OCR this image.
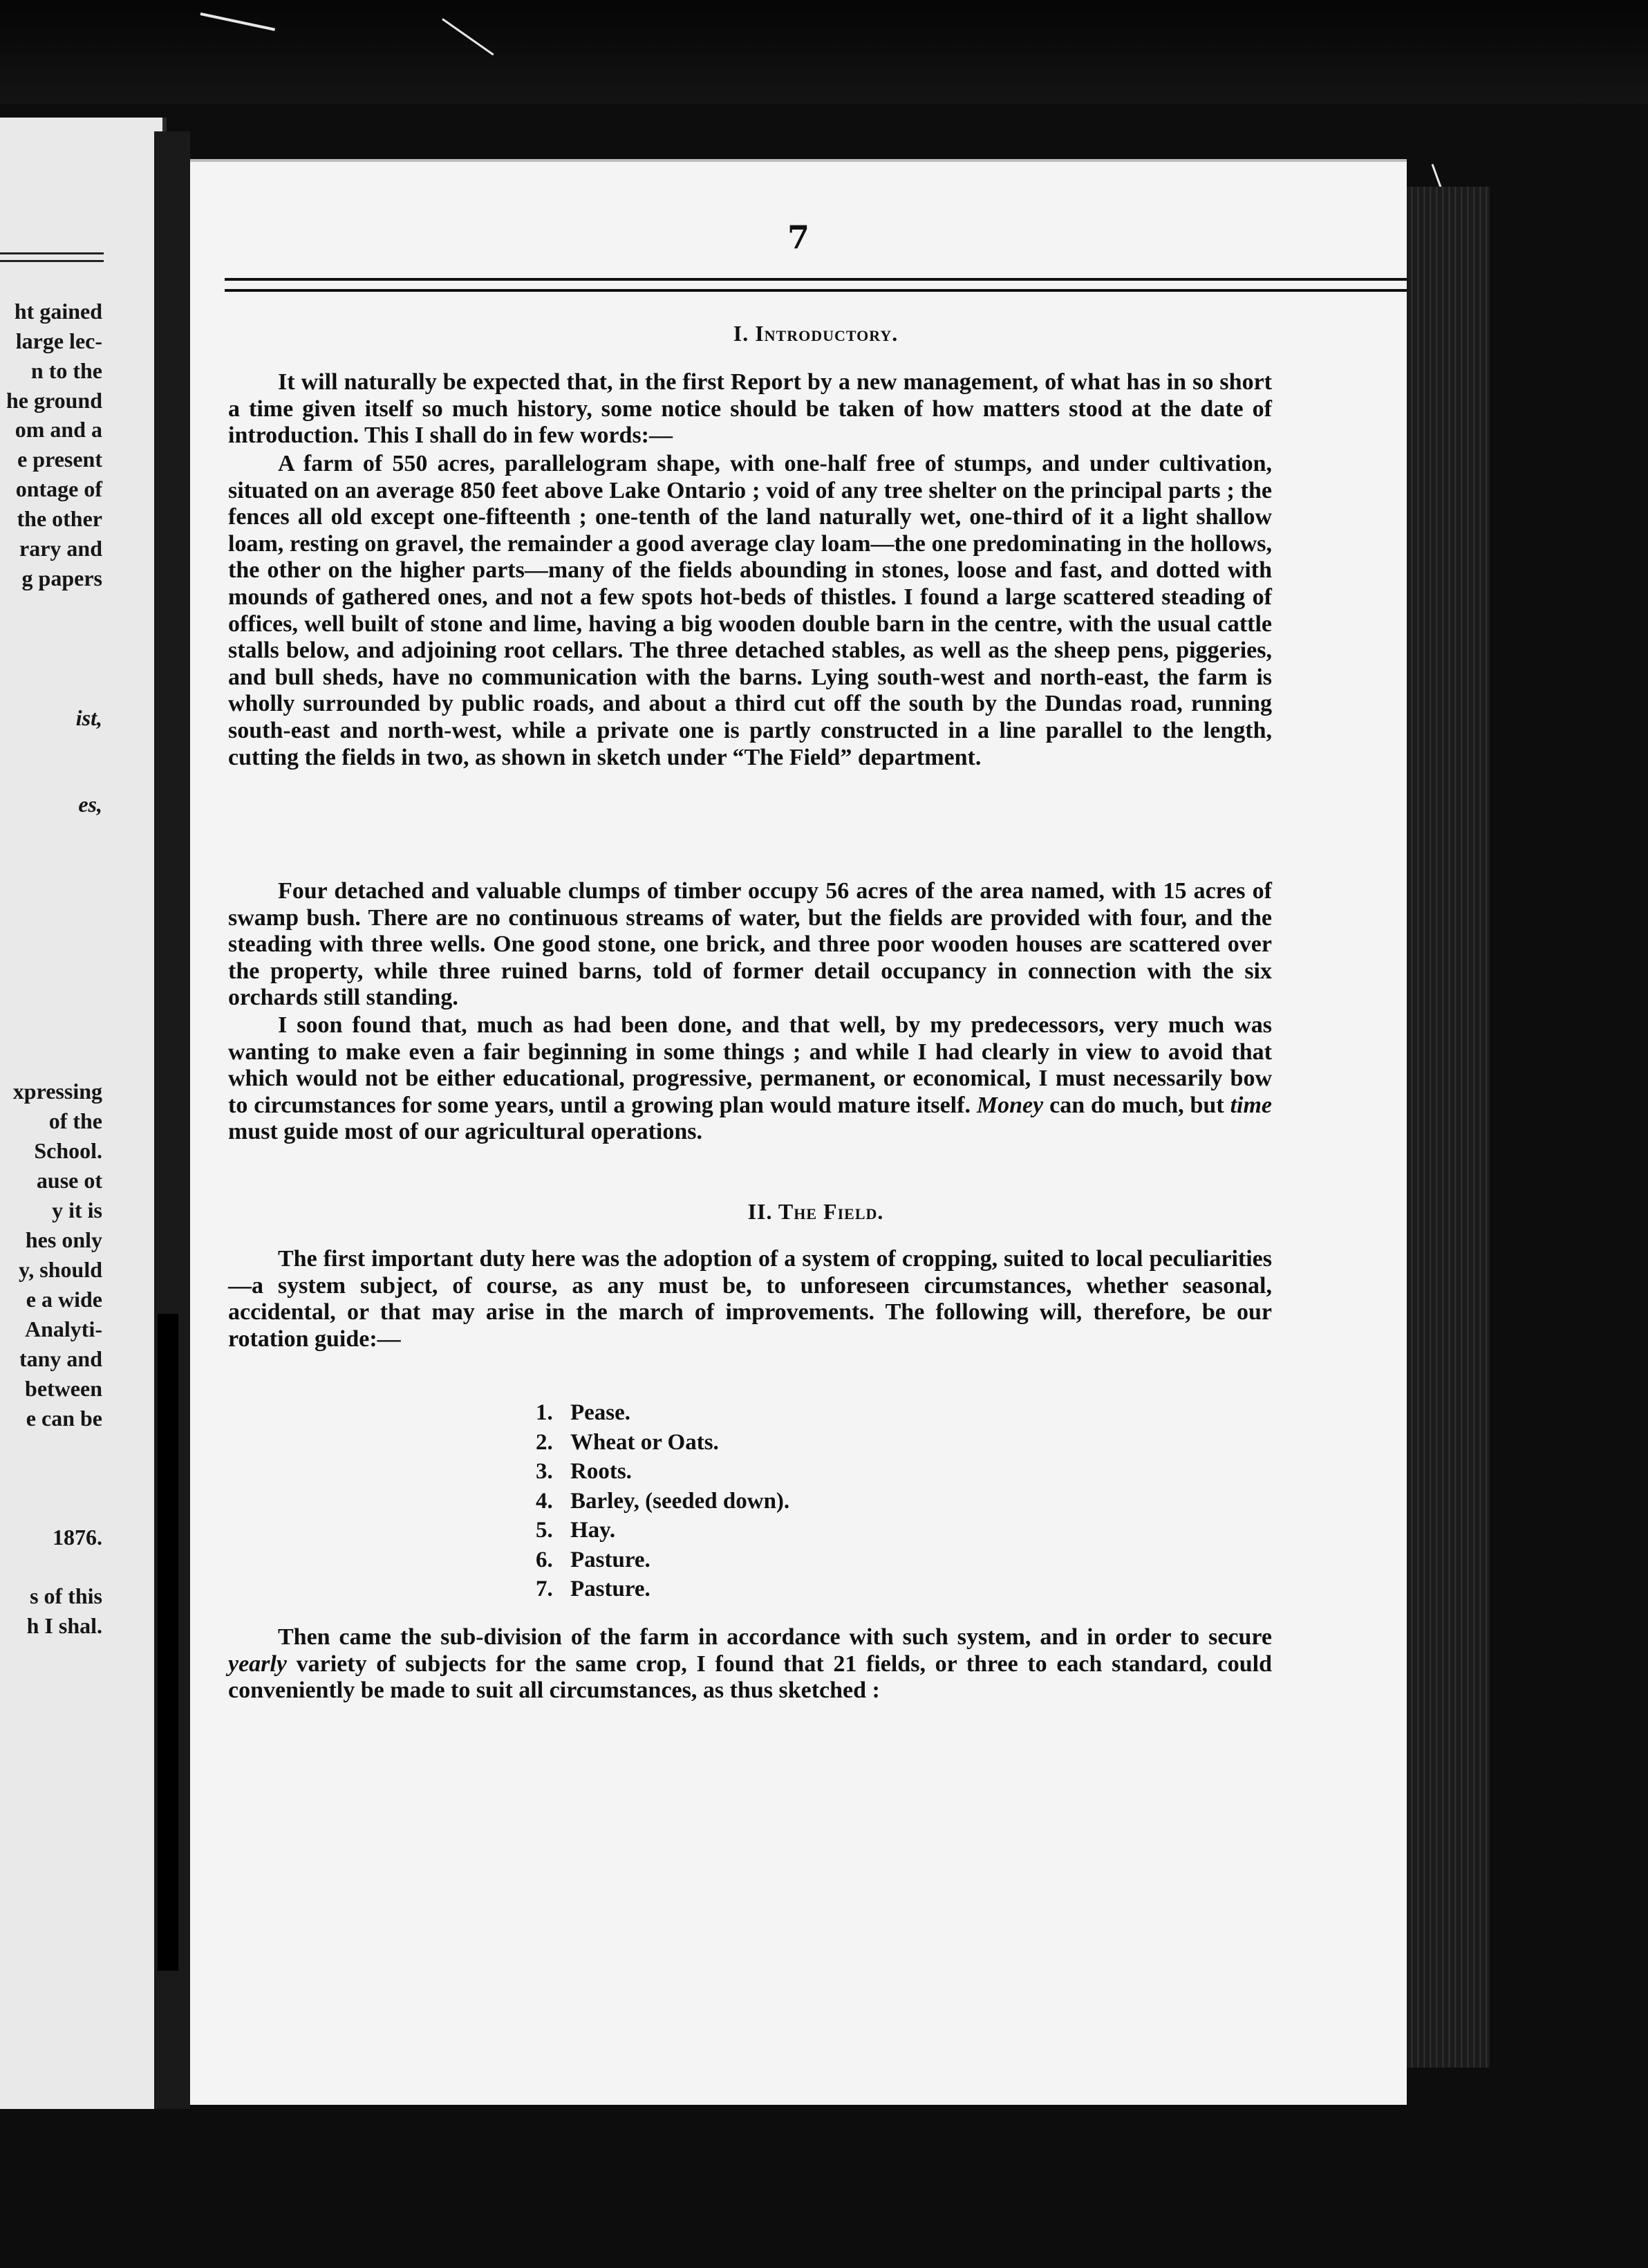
ht gained
large lec-
n to the
he ground
om and a
e present
ontage of
the other
rary and
g papers
ist,
es,
xpressing
of the
School.
ause ot
y it is
hes only
y, should
e a wide
Analyti-
tany and
between
e can be
1876.
s of this
h I shal.
7
I. Introductory.

It will naturally be expected that, in the first Report by a new management, of what has in so short a time given itself so much history, some notice should be taken of how matters stood at the date of introduction. This I shall do in few words:—

A farm of 550 acres, parallelogram shape, with one-half free of stumps, and under cultivation, situated on an average 850 feet above Lake Ontario ; void of any tree shelter on the principal parts ; the fences all old except one-fifteenth ; one-tenth of the land naturally wet, one-third of it a light shallow loam, resting on gravel, the remainder a good average clay loam—the one predominating in the hollows, the other on the higher parts—many of the fields abounding in stones, loose and fast, and dotted with mounds of gathered ones, and not a few spots hot-beds of thistles. I found a large scattered steading of offices, well built of stone and lime, having a big wooden double barn in the centre, with the usual cattle stalls below, and adjoining root cellars. The three detached stables, as well as the sheep pens, piggeries, and bull sheds, have no communication with the barns. Lying south-west and north-east, the farm is wholly surrounded by public roads, and about a third cut off the south by the Dundas road, running south-east and north-west, while a private one is partly constructed in a line parallel to the length, cutting the fields in two, as shown in sketch under “The Field” department.

Four detached and valuable clumps of timber occupy 56 acres of the area named, with 15 acres of swamp bush. There are no continuous streams of water, but the fields are provided with four, and the steading with three wells. One good stone, one brick, and three poor wooden houses are scattered over the property, while three ruined barns, told of former detail occupancy in connection with the six orchards still standing.

I soon found that, much as had been done, and that well, by my predecessors, very much was wanting to make even a fair beginning in some things ; and while I had clearly in view to avoid that which would not be either educational, progressive, permanent, or economical, I must necessarily bow to circumstances for some years, until a growing plan would mature itself. Money can do much, but time must guide most of our agricultural operations.

II. The Field.

The first important duty here was the adoption of a system of cropping, suited to local peculiarities—a system subject, of course, as any must be, to unforeseen circumstances, whether seasonal, accidental, or that may arise in the march of improvements. The following will, therefore, be our rotation guide:—

1. Pease.
2. Wheat or Oats.
3. Roots.
4. Barley, (seeded down).
5. Hay.
6. Pasture.
7. Pasture.

Then came the sub-division of the farm in accordance with such system, and in order to secure yearly variety of subjects for the same crop, I found that 21 fields, or three to each standard, could conveniently be made to suit all circumstances, as thus sketched :
